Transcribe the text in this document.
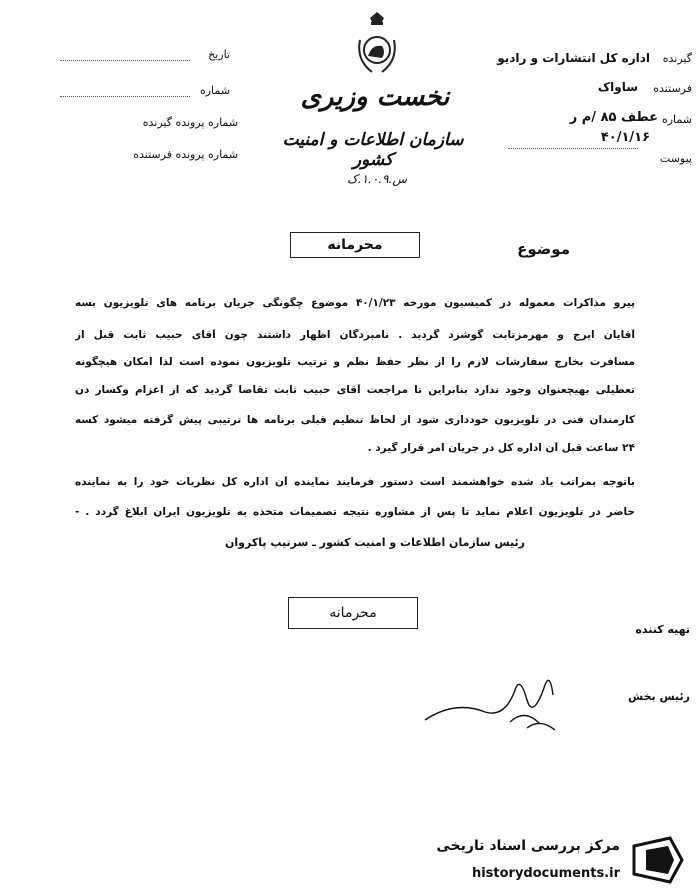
تاریخ
شماره
شماره پرونده گیرنده
شماره پرونده فرستنده
نخست وزیری
سازمان اطلاعات و امنیت کشور
س.۱.۰.۹.ک
گیرنده
اداره کل انتشارات و رادیو
فرستنده
ساواک
شماره
عطف ۸۵ /م ر
۴۰/۱/۱۶
پیوست
محرمانه	موضوع
پیرو مذاکرات معموله در کمیسیون مورخه ۴۰/۱/۲۳ موضوع چگونگی جریان برنامه های تلویزیون بسه
آقایان ایرج و مهرمزتابت گوشزد گردید . نامبردگان اظهار داشتند چون آقای حبیب ثابت قبل از
مسافرت بخارج سفارشات لازم را از نظر حفظ نظم و ترتیب تلویزیون نموده است لذا امکان هیچگونه
تعطیلی بهیچعنوان وجود ندارد بنابراین تا مراجعت آقای حبیب ثابت تقاضا گردید که از اعزام وکسار دن
کارمندان فنی در تلویزیون خودداری شود از لحاظ تنظیم قبلی برنامه ها ترتیبی پیش گرفته میشود کسه
۲۴ ساعت قبل آن اداره کل در جریان امر قرار گیرد .
باتوجه بمراتب یاد شده خواهشمند است دستور فرمایند نماینده آن اداره کل نظریات خود را به نماینده
حاضر در تلویزیون اعلام نماید تا پس از مشاوره نتیجه تصمیمات متخذه به تلویزیون ایران ابلاغ گردد . -
رئیس سازمان اطلاعات و امنیت کشور ـ سرتیپ پاکروان
محرمانه
تهیه کننده
رئیس بخش
مرکز بررسی اسناد تاریخی
historydocuments.ir
